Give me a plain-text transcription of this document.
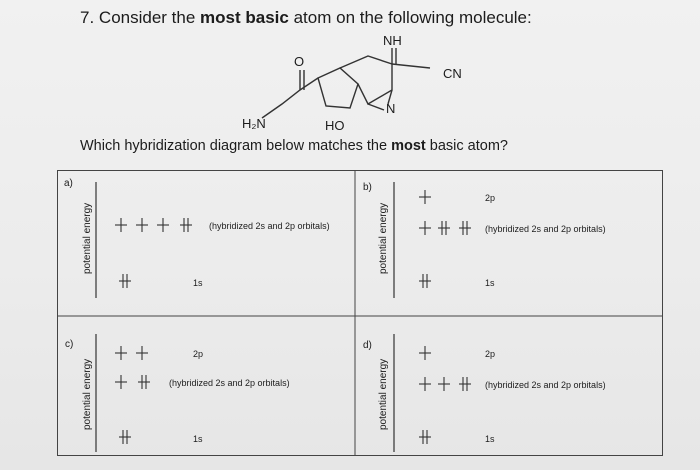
7. Consider the most basic atom on the following molecule:
NH
O
CN
N
H₂N	HO
Which hybridization diagram below matches the most basic atom?
a)
potential energy	(hybridized 2s and 2p orbitals)
1s
b)
potential energy
2p
(hybridized 2s and 2p orbitals)
1s
c)
potential energy
2p
(hybridized 2s and 2p orbitals)
1s
d)
potential energy
2p
(hybridized 2s and 2p orbitals)
1s
